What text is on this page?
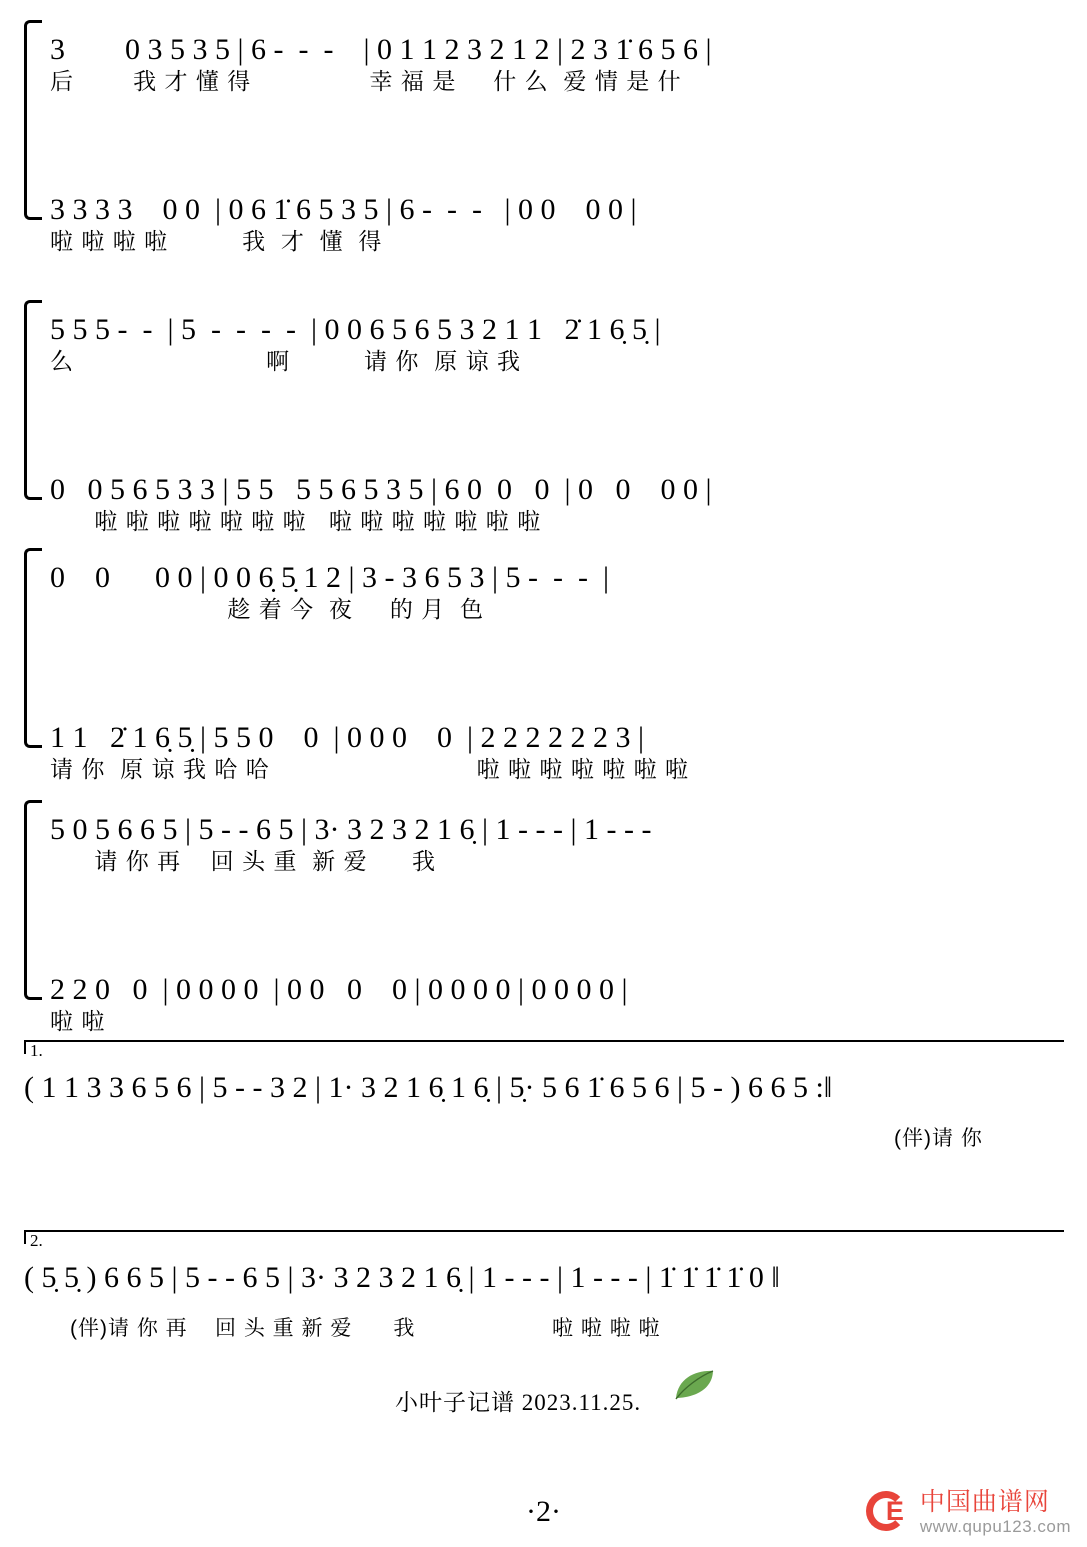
3        0 3 5 3 5 | 6 -  -  -    | 0 1 1 2 3 2 1 2 | 2 3 1̇ 6 5 6 |
后        我 才 懂 得                幸 福 是     什 么  爱 情 是 什
3 3 3 3    0 0  | 0 6 1̇ 6 5 3 5 | 6 -  -  -   | 0 0    0 0 |
啦 啦 啦 啦          我  才  懂  得
5 5 5 -  -  | 5  -  -  -  -  | 0 0 6 5 6 5 3 2 1 1   2̇ 1 6̣ 5̣ |
么                          啊          请 你  原 谅 我
0   0 5 6 5 3 3 | 5 5   5 5 6 5 3 5 | 6 0  0   0  | 0   0    0 0 |
啦 啦 啦 啦 啦 啦 啦   啦 啦 啦 啦 啦 啦 啦
0    0      0 0 | 0 0 6̣ 5̣ 1 2 | 3 - 3 6 5 3 | 5 -  -  -  |
趁 着 今  夜     的 月  色
1 1   2̇ 1 6̣ 5̣ | 5 5 0    0  | 0 0 0    0  | 2 2 2 2 2 2 3 |
请 你  原 谅 我 哈 哈                            啦 啦 啦 啦 啦 啦 啦
5 0 5 6 6 5 | 5 - - 6 5 | 3· 3 2 3 2 1 6̣ | 1 - - - | 1 - - -
请 你 再    回 头 重  新 爱      我
2 2 0   0  | 0 0 0 0  | 0 0   0    0 | 0 0 0 0 | 0 0 0 0 |
啦 啦
1.
( 1 1 3 3 6 5 6 | 5 - - 3 2 | 1· 3 2 1 6̣ 1 6̣ | 5̣· 5 6 1̇ 6 5 6 | 5 - ) 6 6 5 :‖
(伴)请 你
2.
( 5̣ 5̣ ) 6 6 5 | 5 - - 6 5 | 3· 3 2 3 2 1 6̣ | 1 - - - | 1 - - - | 1̇ 1̇ 1̇ 1̇ 0 ‖
(伴)请 你 再    回 头 重 新 爱      我                    啦 啦 啦 啦
小叶子记谱 2023.11.25.
·2·	E 中国曲谱网
www.qupu123.com
